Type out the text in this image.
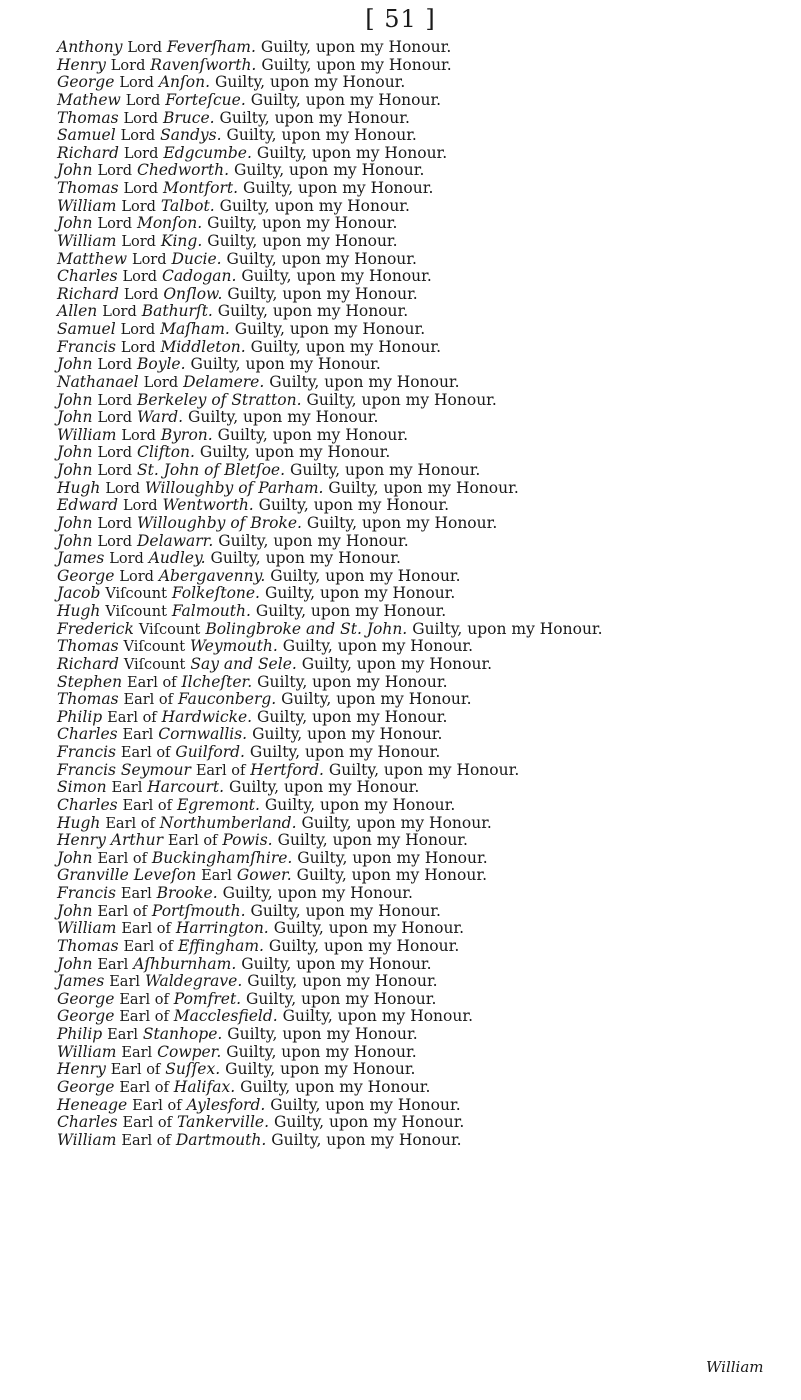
[ 51 ]
Anthony Lord Feverſham. Guilty, upon my Honour.
Henry Lord Ravenſworth. Guilty, upon my Honour.
George Lord Anſon. Guilty, upon my Honour.
Mathew Lord Forteſcue. Guilty, upon my Honour.
Thomas Lord Bruce. Guilty, upon my Honour.
Samuel Lord Sandys. Guilty, upon my Honour.
Richard Lord Edgcumbe. Guilty, upon my Honour.
John Lord Chedworth. Guilty, upon my Honour.
Thomas Lord Montfort. Guilty, upon my Honour.
William Lord Talbot. Guilty, upon my Honour.
John Lord Monſon. Guilty, upon my Honour.
William Lord King. Guilty, upon my Honour.
Matthew Lord Ducie. Guilty, upon my Honour.
Charles Lord Cadogan. Guilty, upon my Honour.
Richard Lord Onſlow. Guilty, upon my Honour.
Allen Lord Bathurſt. Guilty, upon my Honour.
Samuel Lord Maſham. Guilty, upon my Honour.
Francis Lord Middleton. Guilty, upon my Honour.
John Lord Boyle. Guilty, upon my Honour.
Nathanael Lord Delamere. Guilty, upon my Honour.
John Lord Berkeley of Stratton. Guilty, upon my Honour.
John Lord Ward. Guilty, upon my Honour.
William Lord Byron. Guilty, upon my Honour.
John Lord Clifton. Guilty, upon my Honour.
John Lord St. John of Bletſoe. Guilty, upon my Honour.
Hugh Lord Willoughby of Parham. Guilty, upon my Honour.
Edward Lord Wentworth. Guilty, upon my Honour.
John Lord Willoughby of Broke. Guilty, upon my Honour.
John Lord Delawarr. Guilty, upon my Honour.
James Lord Audley. Guilty, upon my Honour.
George Lord Abergavenny. Guilty, upon my Honour.
Jacob Viſcount Folkeſtone. Guilty, upon my Honour.
Hugh Viſcount Falmouth. Guilty, upon my Honour.
Frederick Viſcount Bolingbroke and St. John. Guilty, upon my Honour.
Thomas Viſcount Weymouth. Guilty, upon my Honour.
Richard Viſcount Say and Sele. Guilty, upon my Honour.
Stephen Earl of Ilcheſter. Guilty, upon my Honour.
Thomas Earl of Fauconberg. Guilty, upon my Honour.
Philip Earl of Hardwicke. Guilty, upon my Honour.
Charles Earl Cornwallis. Guilty, upon my Honour.
Francis Earl of Guilford. Guilty, upon my Honour.
Francis Seymour Earl of Hertford. Guilty, upon my Honour.
Simon Earl Harcourt. Guilty, upon my Honour.
Charles Earl of Egremont. Guilty, upon my Honour.
Hugh Earl of Northumberland. Guilty, upon my Honour.
Henry Arthur Earl of Powis. Guilty, upon my Honour.
John Earl of Buckinghamſhire. Guilty, upon my Honour.
Granville Leveſon Earl Gower. Guilty, upon my Honour.
Francis Earl Brooke. Guilty, upon my Honour.
John Earl of Portſmouth. Guilty, upon my Honour.
William Earl of Harrington. Guilty, upon my Honour.
Thomas Earl of Effingham. Guilty, upon my Honour.
John Earl Aſhburnham. Guilty, upon my Honour.
James Earl Waldegrave. Guilty, upon my Honour.
George Earl of Pomfret. Guilty, upon my Honour.
George Earl of Macclesfield. Guilty, upon my Honour.
Philip Earl Stanhope. Guilty, upon my Honour.
William Earl Cowper. Guilty, upon my Honour.
Henry Earl of Suſſex. Guilty, upon my Honour.
George Earl of Halifax. Guilty, upon my Honour.
Heneage Earl of Aylesford. Guilty, upon my Honour.
Charles Earl of Tankerville. Guilty, upon my Honour.
William Earl of Dartmouth. Guilty, upon my Honour.
William
